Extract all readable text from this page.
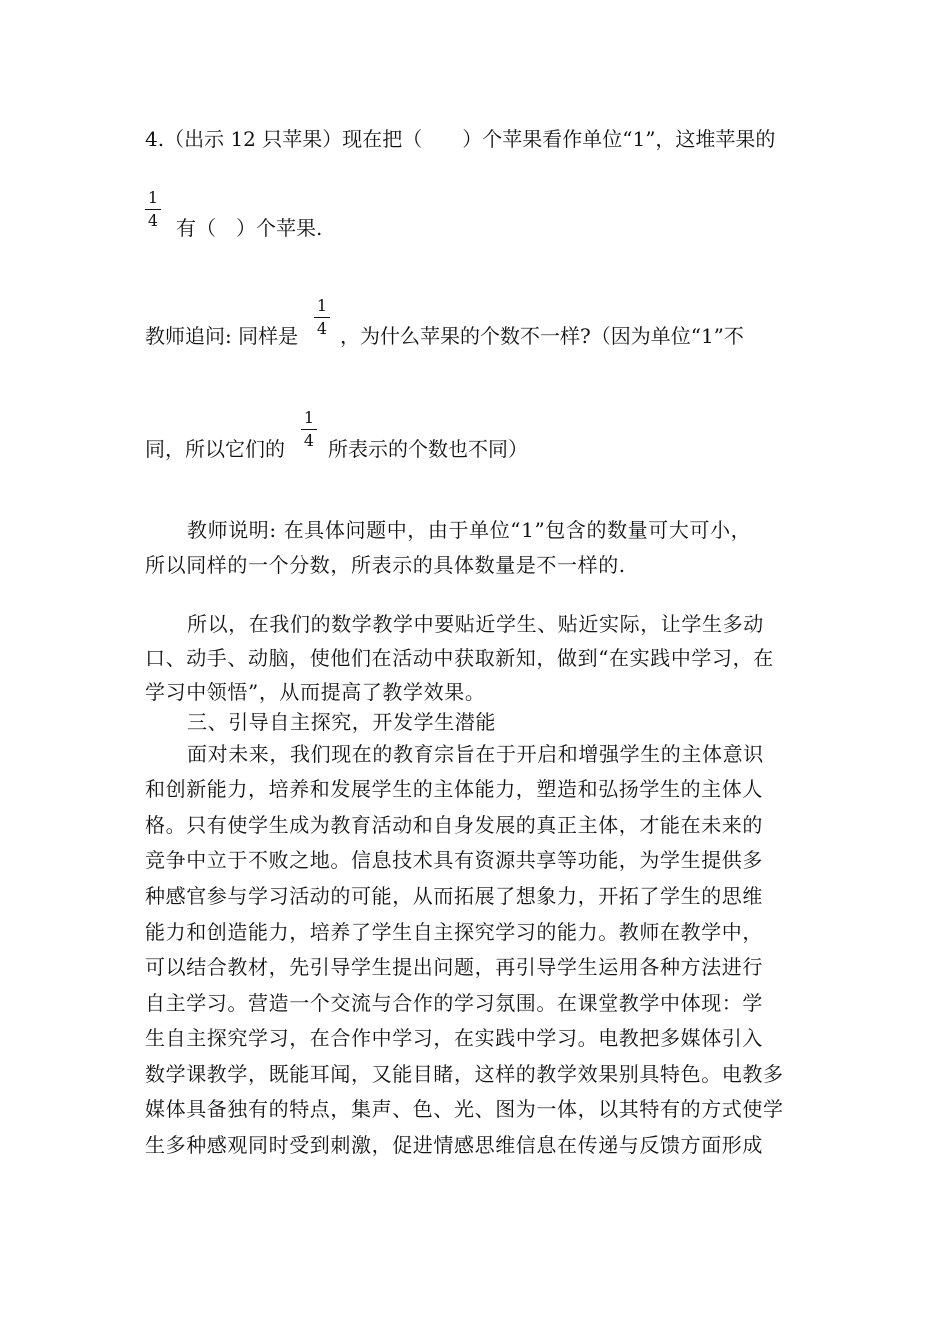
4.（出示 12 只苹果）现在把（　　）个苹果看作单位“1”，这堆苹果的
1
4 有（　）个苹果.
教师追问: 同样是
1
4 ，为什么苹果的个数不一样?（因为单位“1”不
同，所以它们的
1
4 所表示的个数也不同）
教师说明: 在具体问题中，由于单位“1”包含的数量可大可小，
所以同样的一个分数，所表示的具体数量是不一样的.
所以，在我们的数学教学中要贴近学生、贴近实际，让学生多动
口、动手、动脑，使他们在活动中获取新知，做到“在实践中学习，在
学习中领悟”，从而提高了教学效果。
三、引导自主探究，开发学生潜能
面对未来，我们现在的教育宗旨在于开启和增强学生的主体意识
和创新能力，培养和发展学生的主体能力，塑造和弘扬学生的主体人
格。只有使学生成为教育活动和自身发展的真正主体，才能在未来的
竞争中立于不败之地。信息技术具有资源共享等功能，为学生提供多
种感官参与学习活动的可能，从而拓展了想象力，开拓了学生的思维
能力和创造能力，培养了学生自主探究学习的能力。教师在教学中，
可以结合教材，先引导学生提出问题，再引导学生运用各种方法进行
自主学习。营造一个交流与合作的学习氛围。在课堂教学中体现：学
生自主探究学习，在合作中学习，在实践中学习。电教把多媒体引入
数学课教学，既能耳闻，又能目睹，这样的教学效果别具特色。电教多
媒体具备独有的特点，集声、色、光、图为一体，以其特有的方式使学
生多种感观同时受到刺激，促进情感思维信息在传递与反馈方面形成
